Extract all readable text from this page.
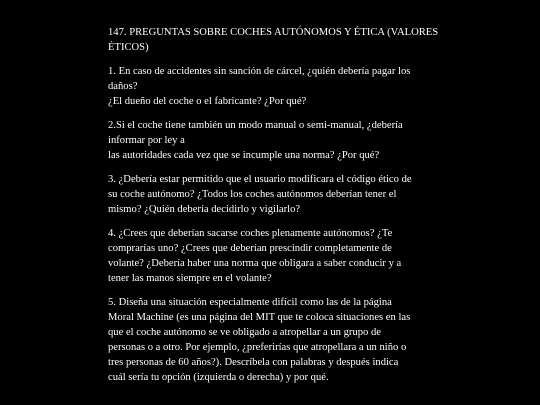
147. PREGUNTAS SOBRE COCHES AUTÓNOMOS Y ÉTICA (VALORES
ÉTICOS)
1. En caso de accidentes sin sanción de cárcel, ¿quién debería pagar los
daños?
¿El dueño del coche o el fabricante? ¿Por qué?
2.Si el coche tiene también un modo manual o semi-manual, ¿debería
informar por ley a
las autoridades cada vez que se incumple una norma? ¿Por qué?
3. ¿Debería estar permitido que el usuario modificara el código ético de
su coche autónomo? ¿Todos los coches autónomos deberían tener el
mismo? ¿Quién debería decidirlo y vigilarlo?
4. ¿Crees que deberían sacarse coches plenamente autónomos? ¿Te
comprarías uno? ¿Crees que deberían prescindir completamente de
volante? ¿Debería haber una norma que obligara a saber conducir y a
tener las manos siempre en el volante?
5. Diseña una situación especialmente difícil como las de la página
Moral Machine (es una página del MIT que te coloca situaciones en las
que el coche autónomo se ve obligado a atropellar a un grupo de
personas o a otro. Por ejemplo, ¿preferirías que atropellara a un niño o
tres personas de 60 años?). Descríbela con palabras y después indica
cuál sería tu opción (izquierda o derecha) y por qué.
